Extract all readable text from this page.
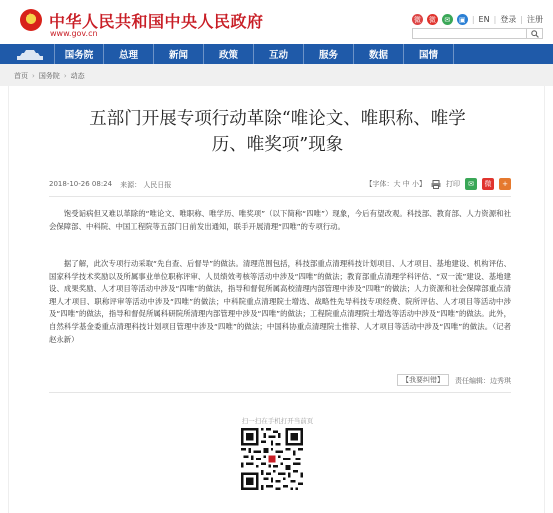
★ 中华人民共和国中央人民政府
www.gov.cn
微 微	✉	▣ | EN | 登录 | 注册
国务院	总理	新闻	政策	互动	服务	数据	国情
首页 › 国务院 › 动态
五部门开展专项行动革除“唯论文、唯职称、唯学
历、唯奖项”现象
2018-10-26 08:24 来源： 人民日报	【字体：大 中 小】	打印	✉	微	+

饱受诟病但又难以革除的“唯论文、唯职称、唯学历、唯奖项”（以下简称“四唯”）现象，今后有望改观。科技部、教育部、人力资源和社会保障部、中科院、中国工程院等五部门日前发出通知，联手开展清理“四唯”的专项行动。

据了解，此次专项行动采取“先自查、后督导”的做法。清理范围包括，科技部重点清理科技计划项目、人才项目、基地建设、机构评估、国家科学技术奖励以及所属事业单位职称评审、人员绩效考核等活动中涉及“四唯”的做法；教育部重点清理学科评估、“双一流”建设、基地建设、成果奖励、人才项目等活动中涉及“四唯”的做法，指导和督促所属高校清理内部管理中涉及“四唯”的做法；人力资源和社会保障部重点清理人才项目、职称评审等活动中涉及“四唯”的做法；中科院重点清理院士增选、战略性先导科技专项经费、院所评估、人才项目等活动中涉及“四唯”的做法，指导和督促所属科研院所清理内部管理中涉及“四唯”的做法；工程院重点清理院士增选等活动中涉及“四唯”的做法。此外，自然科学基金委重点清理科技计划项目管理中涉及“四唯”的做法；中国科协重点清理院士推荐、人才项目等活动中涉及“四唯”的做法。（记者 赵永新）

【我要纠错】	责任编辑：边秀琪
扫一扫在手机打开当前页
